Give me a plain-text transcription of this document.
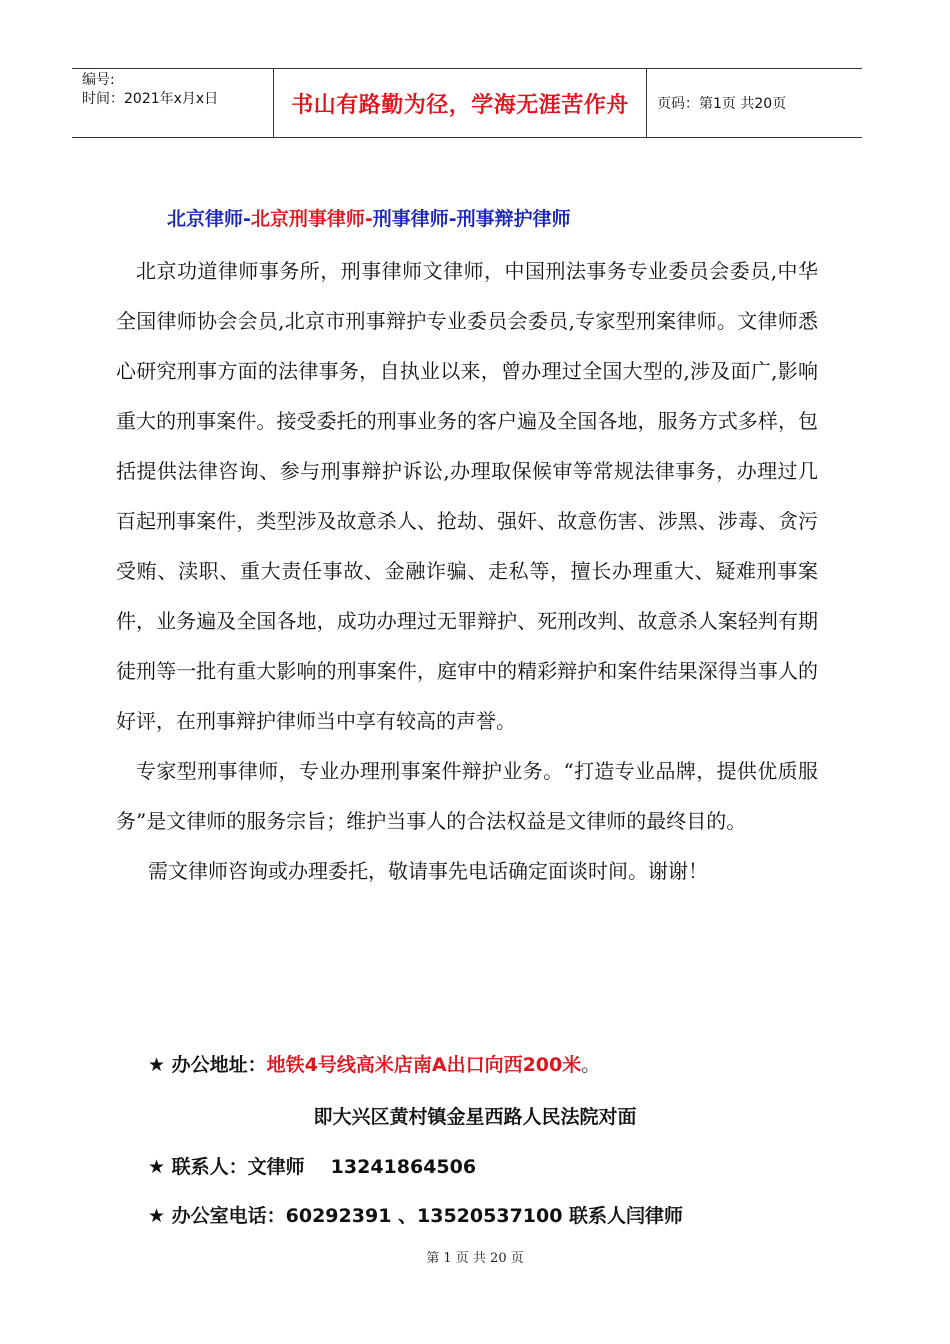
编号:
时间：2021年x月x日	书山有路勤为径，学海无涯苦作舟	页码：第1页 共20页
北京律师-北京刑事律师-刑事律师-刑事辩护律师

北京功道律师事务所，刑事律师文律师，中国刑法事务专业委员会委员,中华全国律师协会会员,北京市刑事辩护专业委员会委员,专家型刑案律师。文律师悉心研究刑事方面的法律事务，自执业以来，曾办理过全国大型的,涉及面广,影响重大的刑事案件。接受委托的刑事业务的客户遍及全国各地，服务方式多样，包括提供法律咨询、参与刑事辩护诉讼,办理取保候审等常规法律事务，办理过几百起刑事案件，类型涉及故意杀人、抢劫、强奸、故意伤害、涉黑、涉毒、贪污受贿、渎职、重大责任事故、金融诈骗、走私等，擅长办理重大、疑难刑事案件，业务遍及全国各地，成功办理过无罪辩护、死刑改判、故意杀人案轻判有期徒刑等一批有重大影响的刑事案件，庭审中的精彩辩护和案件结果深得当事人的好评，在刑事辩护律师当中享有较高的声誉。

专家型刑事律师，专业办理刑事案件辩护业务。“打造专业品牌，提供优质服务”是文律师的服务宗旨；维护当事人的合法权益是文律师的最终目的。

需文律师咨询或办理委托，敬请事先电话确定面谈时间。谢谢！

★ 办公地址：地铁4号线高米店南A出口向西200米。
即大兴区黄村镇金星西路人民法院对面
★ 联系人：文律师 13241864506
★ 办公室电话：60292391 、13520537100 联系人闫律师
第 1 页 共 20 页
